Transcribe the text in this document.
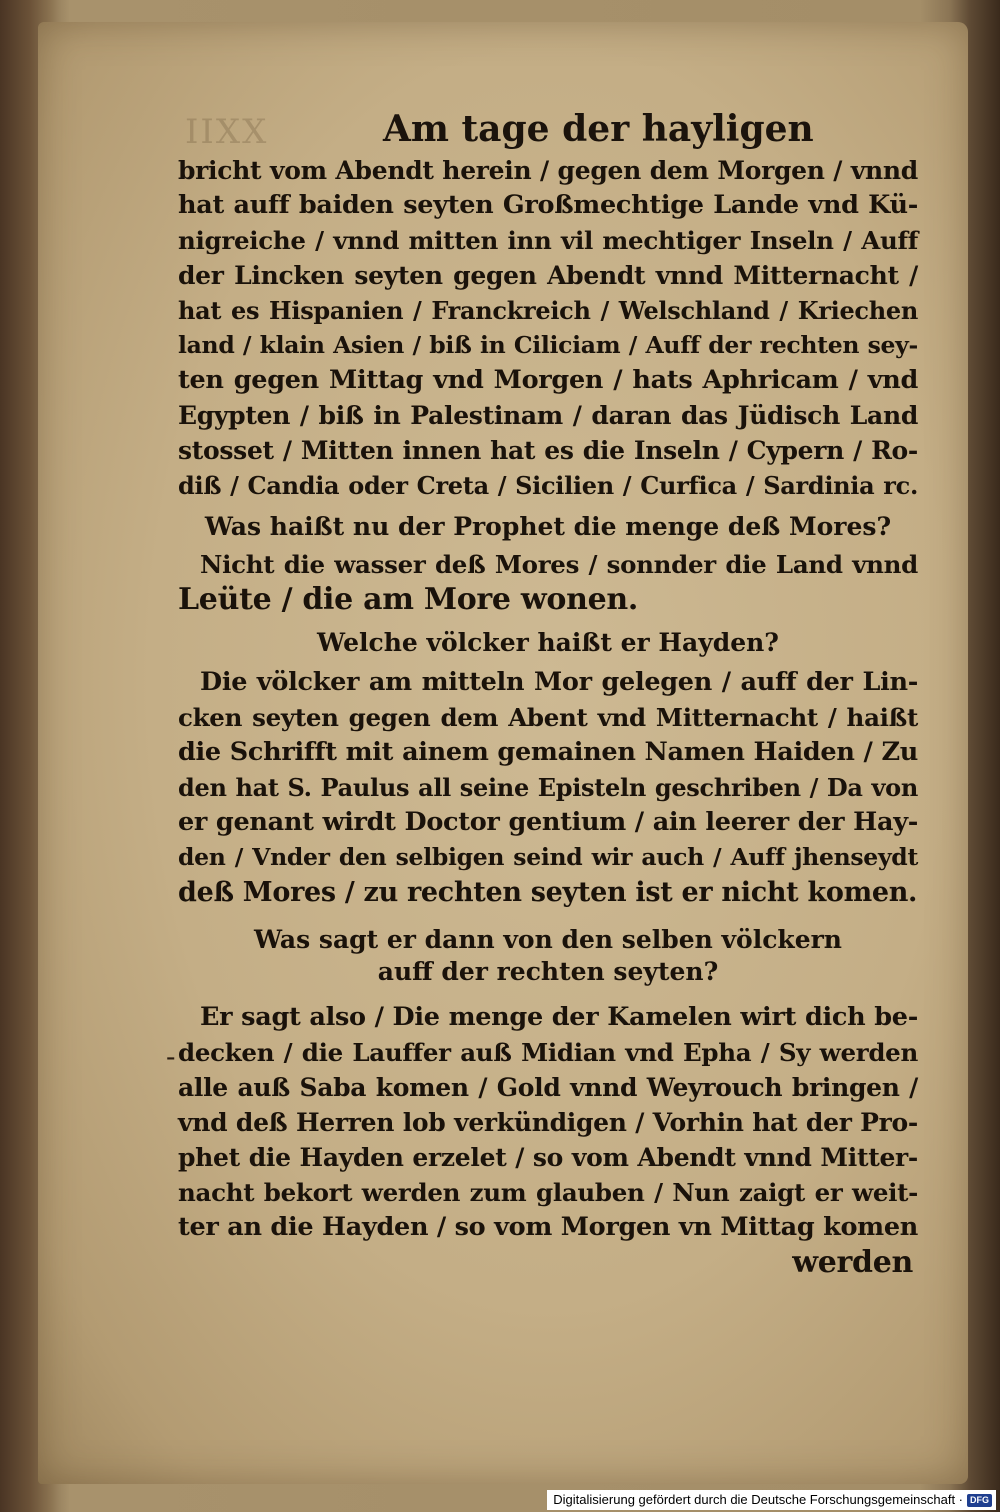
IIXX	Am tage der hayligen
-
bricht vom Abendt herein / gegen dem Morgen / vnnd
hat auff baiden seyten Großmechtige Lande vnd Kü-
nigreiche / vnnd mitten inn vil mechtiger Inseln / Auff
der Lincken seyten gegen Abendt vnnd Mitternacht /
hat es Hispanien / Franckreich / Welschland / Kriechen
land / klain Asien / biß in Ciliciam / Auff der rechten sey-
ten gegen Mittag vnd Morgen / hats Aphricam / vnd
Egypten / biß in Palestinam / daran das Jüdisch Land
stosset / Mitten innen hat es die Inseln / Cypern / Ro-
diß / Candia oder Creta / Sicilien / Curfica / Sardinia rc.
Was haißt nu der Prophet die menge deß Mores?
Nicht die wasser deß Mores / sonnder die Land vnnd
Leüte / die am More wonen.
Welche völcker haißt er Hayden?
Die völcker am mitteln Mor gelegen / auff der Lin-
cken seyten gegen dem Abent vnd Mitternacht / haißt
die Schrifft mit ainem gemainen Namen Haiden / Zu
den hat S. Paulus all seine Episteln geschriben / Da von
er genant wirdt Doctor gentium / ain leerer der Hay-
den / Vnder den selbigen seind wir auch / Auff jhenseydt
deß Mores / zu rechten seyten ist er nicht komen.
Was sagt er dann von den selben völckern
auff der rechten seyten?
Er sagt also / Die menge der Kamelen wirt dich be-
decken / die Lauffer auß Midian vnd Epha / Sy werden
alle auß Saba komen / Gold vnnd Weyrouch bringen /
vnd deß Herren lob verkündigen / Vorhin hat der Pro-
phet die Hayden erzelet / so vom Abendt vnnd Mitter-
nacht bekort werden zum glauben / Nun zaigt er weit-
ter an die Hayden / so vom Morgen vn Mittag komen
werden
Digitalisierung gefördert durch die Deutsche Forschungsgemeinschaft · DFG
